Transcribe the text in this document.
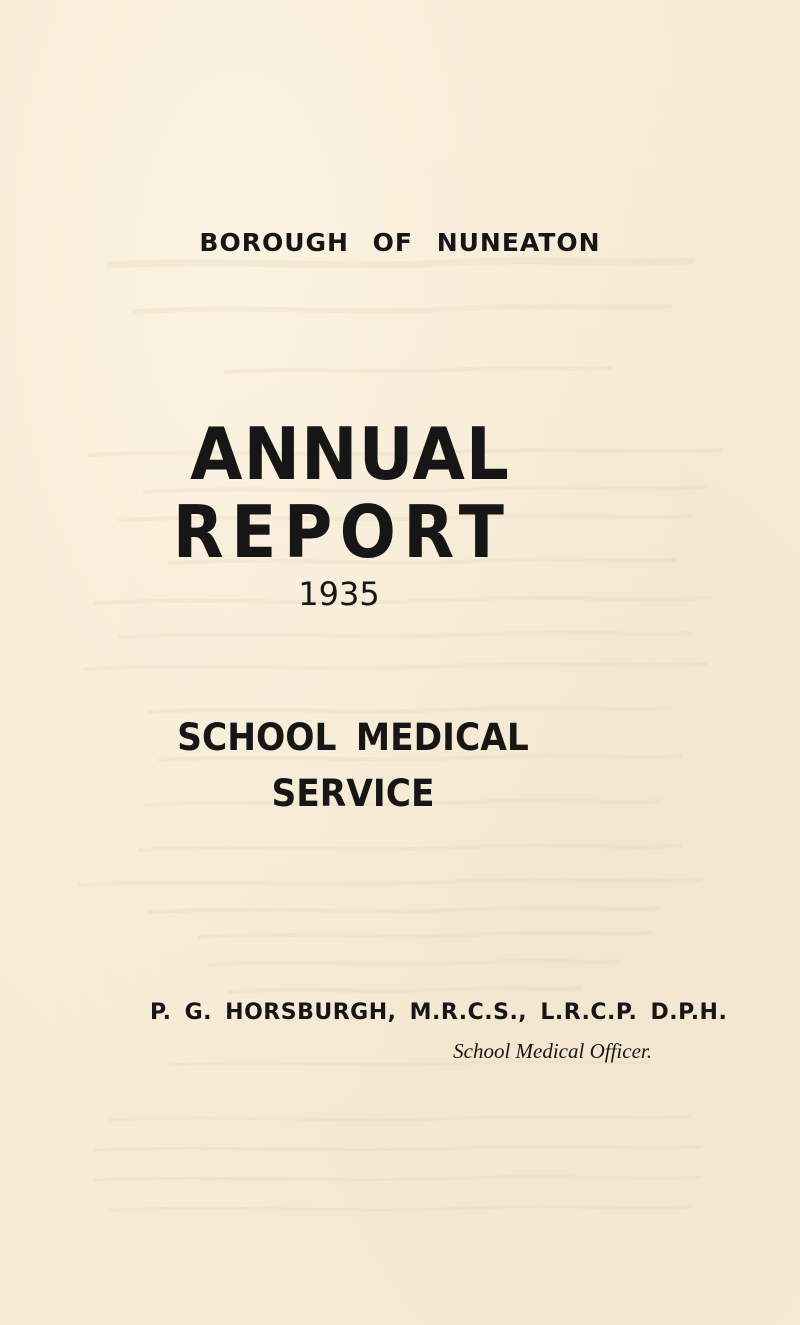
BOROUGH OF NUNEATON

ANNUAL
REPORT

1935

SCHOOL MEDICAL
SERVICE

P. G. HORSBURGH, M.R.C.S., L.R.C.P. D.P.H.

School Medical Officer.
